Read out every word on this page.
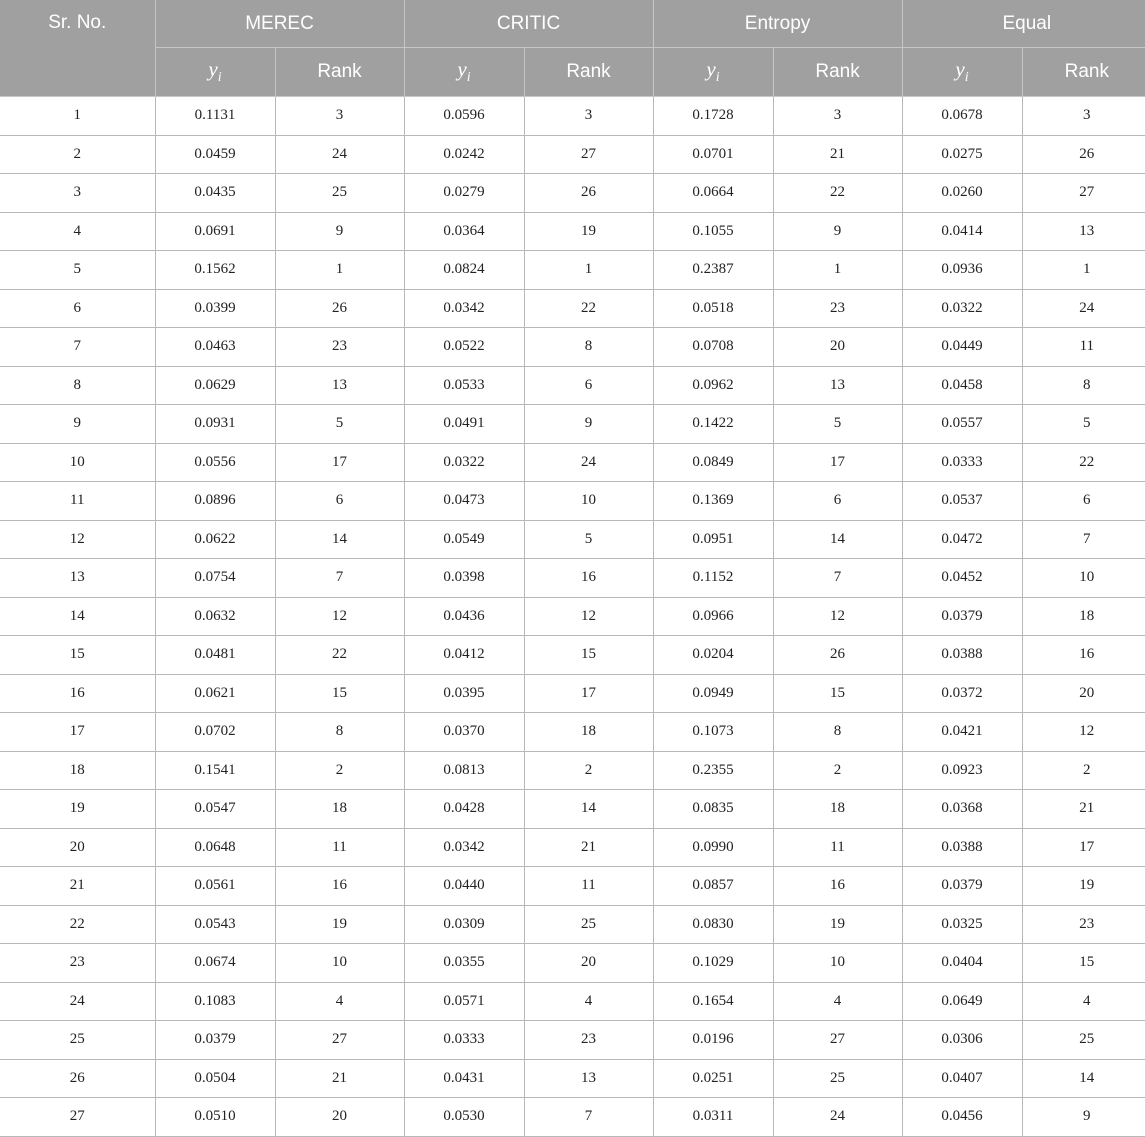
Sr. No.	MEREC		CRITIC		Entropy		Equal	
	$y_i$	Rank	$y_i$	Rank	$y_i$	Rank	$y_i$	Rank
1	0.1131	3	0.0596	3	0.1728	3	0.0678	3
2	0.0459	24	0.0242	27	0.0701	21	0.0275	26
3	0.0435	25	0.0279	26	0.0664	22	0.0260	27
4	0.0691	9	0.0364	19	0.1055	9	0.0414	13
5	0.1562	1	0.0824	1	0.2387	1	0.0936	1
6	0.0399	26	0.0342	22	0.0518	23	0.0322	24
7	0.0463	23	0.0522	8	0.0708	20	0.0449	11
8	0.0629	13	0.0533	6	0.0962	13	0.0458	8
9	0.0931	5	0.0491	9	0.1422	5	0.0557	5
10	0.0556	17	0.0322	24	0.0849	17	0.0333	22
11	0.0896	6	0.0473	10	0.1369	6	0.0537	6
12	0.0622	14	0.0549	5	0.0951	14	0.0472	7
13	0.0754	7	0.0398	16	0.1152	7	0.0452	10
14	0.0632	12	0.0436	12	0.0966	12	0.0379	18
15	0.0481	22	0.0412	15	0.0204	26	0.0388	16
16	0.0621	15	0.0395	17	0.0949	15	0.0372	20
17	0.0702	8	0.0370	18	0.1073	8	0.0421	12
18	0.1541	2	0.0813	2	0.2355	2	0.0923	2
19	0.0547	18	0.0428	14	0.0835	18	0.0368	21
20	0.0648	11	0.0342	21	0.0990	11	0.0388	17
21	0.0561	16	0.0440	11	0.0857	16	0.0379	19
22	0.0543	19	0.0309	25	0.0830	19	0.0325	23
23	0.0674	10	0.0355	20	0.1029	10	0.0404	15
24	0.1083	4	0.0571	4	0.1654	4	0.0649	4
25	0.0379	27	0.0333	23	0.0196	27	0.0306	25
26	0.0504	21	0.0431	13	0.0251	25	0.0407	14
27	0.0510	20	0.0530	7	0.0311	24	0.0456	9
